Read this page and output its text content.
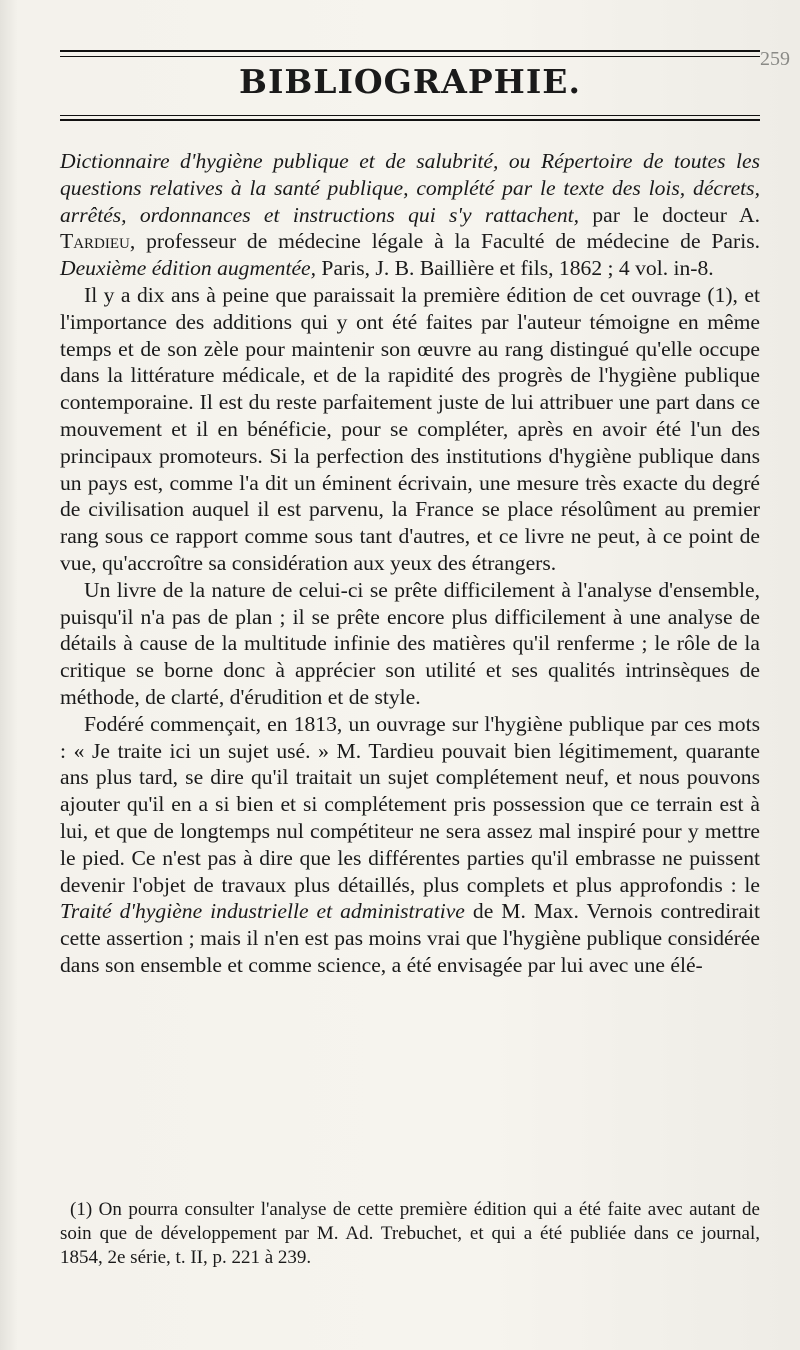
259
BIBLIOGRAPHIE.

Dictionnaire d'hygiène publique et de salubrité, ou Répertoire de toutes les questions relatives à la santé publique, complété par le texte des lois, décrets, arrêtés, ordonnances et instructions qui s'y rattachent, par le docteur A. Tardieu, professeur de médecine légale à la Faculté de médecine de Paris. Deuxième édition augmentée, Paris, J. B. Baillière et fils, 1862 ; 4 vol. in-8.

Il y a dix ans à peine que paraissait la première édition de cet ouvrage (1), et l'importance des additions qui y ont été faites par l'auteur témoigne en même temps et de son zèle pour maintenir son œuvre au rang distingué qu'elle occupe dans la littérature médicale, et de la rapidité des progrès de l'hygiène publique contemporaine. Il est du reste parfaitement juste de lui attribuer une part dans ce mouvement et il en bénéficie, pour se compléter, après en avoir été l'un des principaux promoteurs. Si la perfection des institutions d'hygiène publique dans un pays est, comme l'a dit un éminent écrivain, une mesure très exacte du degré de civilisation auquel il est parvenu, la France se place résolûment au premier rang sous ce rapport comme sous tant d'autres, et ce livre ne peut, à ce point de vue, qu'accroître sa considération aux yeux des étrangers.

Un livre de la nature de celui-ci se prête difficilement à l'analyse d'ensemble, puisqu'il n'a pas de plan ; il se prête encore plus difficilement à une analyse de détails à cause de la multitude infinie des matières qu'il renferme ; le rôle de la critique se borne donc à apprécier son utilité et ses qualités intrinsèques de méthode, de clarté, d'érudition et de style.

Fodéré commençait, en 1813, un ouvrage sur l'hygiène publique par ces mots : « Je traite ici un sujet usé. » M. Tardieu pouvait bien légitimement, quarante ans plus tard, se dire qu'il traitait un sujet complétement neuf, et nous pouvons ajouter qu'il en a si bien et si complétement pris possession que ce terrain est à lui, et que de longtemps nul compétiteur ne sera assez mal inspiré pour y mettre le pied. Ce n'est pas à dire que les différentes parties qu'il embrasse ne puissent devenir l'objet de travaux plus détaillés, plus complets et plus approfondis : le Traité d'hygiène industrielle et administrative de M. Max. Vernois contredirait cette assertion ; mais il n'en est pas moins vrai que l'hygiène publique considérée dans son ensemble et comme science, a été envisagée par lui avec une élé-

(1) On pourra consulter l'analyse de cette première édition qui a été faite avec autant de soin que de développement par M. Ad. Trebuchet, et qui a été publiée dans ce journal, 1854, 2e série, t. II, p. 221 à 239.
